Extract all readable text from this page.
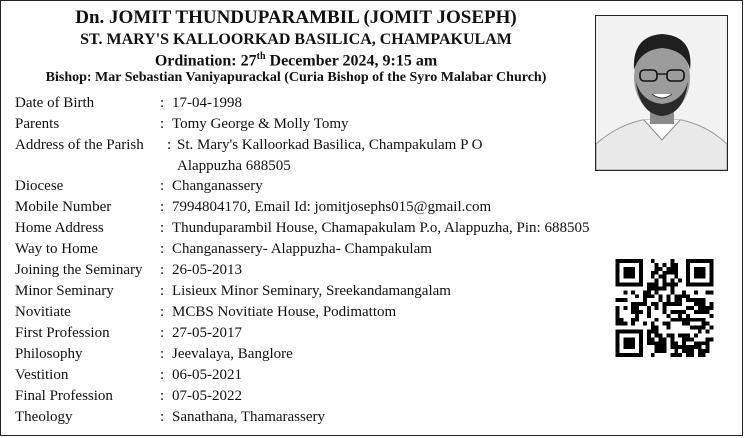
Dn. JOMIT THUNDUPARAMBIL (JOMIT JOSEPH)
ST. MARY'S KALLOORKAD BASILICA, CHAMPAKULAM
Ordination: 27th December 2024, 9:15 am
Bishop: Mar Sebastian Vaniyapurackal (Curia Bishop of the Syro Malabar Church)
Date of Birth	: 17-04-1998
Parents	: Tomy George & Molly Tomy
Address of the Parish	: St. Mary's Kalloorkad Basilica, Champakulam P O
Alappuzha 688505
Diocese	: Changanassery
Mobile Number	: 7994804170, Email Id: jomitjosephs015@gmail.com
Home Address	: Thunduparambil House, Chamapakulam P.o, Alappuzha, Pin: 688505
Way to Home	: Changanassery- Alappuzha- Champakulam
Joining the Seminary	: 26-05-2013
Minor Seminary	: Lisieux Minor Seminary, Sreekandamangalam
Novitiate	: MCBS Novitiate House, Podimattom
First Profession	: 27-05-2017
Philosophy	: Jeevalaya, Banglore
Vestition	: 06-05-2021
Final Profession	: 07-05-2022
Theology	: Sanathana, Thamarassery
